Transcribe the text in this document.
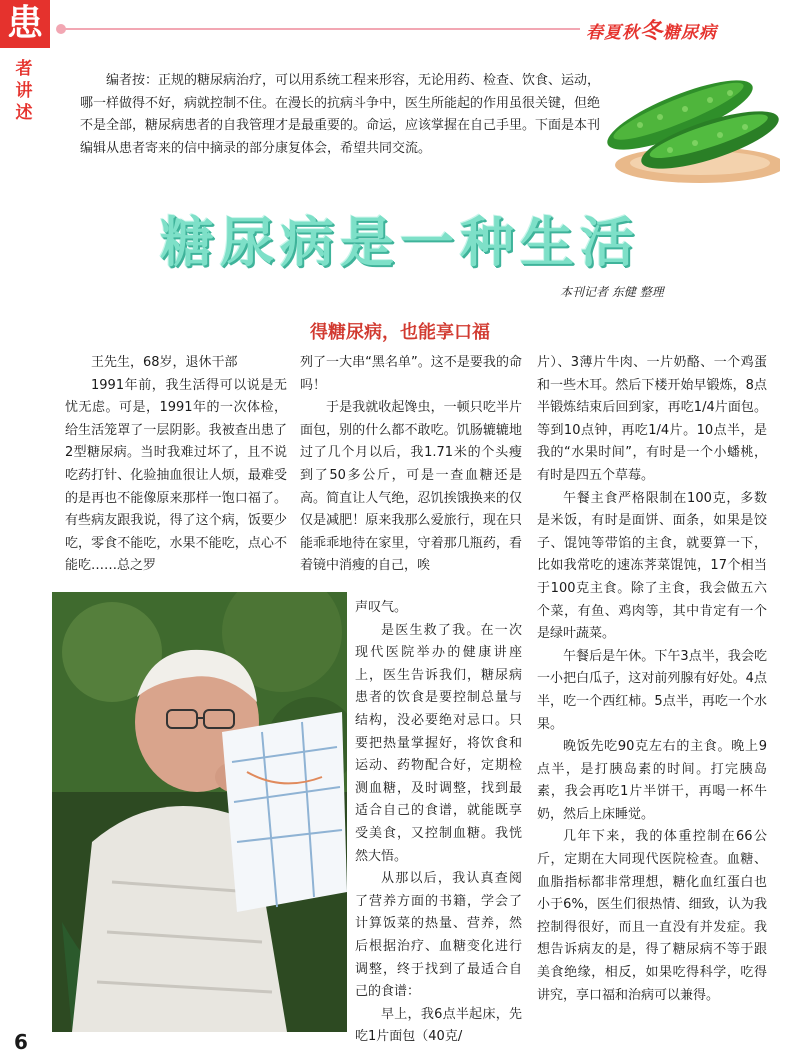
患
者讲述
春夏秋冬糖尿病
编者按：正规的糖尿病治疗，可以用系统工程来形容，无论用药、检查、饮食、运动，哪一样做得不好，病就控制不住。在漫长的抗病斗争中，医生所能起的作用虽很关键，但绝不是全部，糖尿病患者的自我管理才是最重要的。命运，应该掌握在自己手里。下面是本刊编辑从患者寄来的信中摘录的部分康复体会，希望共同交流。
糖尿病是一种生活
本刊记者 东健 整理
得糖尿病，也能享口福

王先生，68岁，退休干部

1991年前，我生活得可以说是无忧无虑。可是，1991年的一次体检，给生活笼罩了一层阴影。我被查出患了2型糖尿病。当时我难过坏了，且不说吃药打针、化验抽血很让人烦，最难受的是再也不能像原来那样一饱口福了。有些病友跟我说，得了这个病，饭要少吃，零食不能吃，水果不能吃，点心不能吃……总之罗

列了一大串“黑名单”。这不是要我的命吗！

于是我就收起馋虫，一顿只吃半片面包，别的什么都不敢吃。饥肠辘辘地过了几个月以后，我1.71米的个头瘦到了50多公斤，可是一查血糖还是高。简直让人气绝，忍饥挨饿换来的仅仅是减肥！原来我那么爱旅行，现在只能乖乖地待在家里，守着那几瓶药，看着镜中消瘦的自己，唉

声叹气。

是医生救了我。在一次现代医院举办的健康讲座上，医生告诉我们，糖尿病患者的饮食是要控制总量与结构，没必要绝对忌口。只要把热量掌握好，将饮食和运动、药物配合好，定期检测血糖，及时调整，找到最适合自己的食谱，就能既享受美食，又控制血糖。我恍然大悟。

从那以后，我认真查阅了营养方面的书籍，学会了计算饭菜的热量、营养，然后根据治疗、血糖变化进行调整，终于找到了最适合自己的食谱：

早上，我6点半起床，先吃1片面包（40克/

片）、3薄片牛肉、一片奶酪、一个鸡蛋和一些木耳。然后下楼开始早锻炼，8点半锻炼结束后回到家，再吃1/4片面包。等到10点钟，再吃1/4片。10点半，是我的“水果时间”，有时是一个小蟠桃，有时是四五个草莓。

午餐主食严格限制在100克，多数是米饭，有时是面饼、面条，如果是饺子、馄饨等带馅的主食，就要算一下，比如我常吃的速冻荠菜馄饨，17个相当于100克主食。除了主食，我会做五六个菜，有鱼、鸡肉等，其中肯定有一个是绿叶蔬菜。

午餐后是午休。下午3点半，我会吃一小把白瓜子，这对前列腺有好处。4点半，吃一个西红柿。5点半，再吃一个水果。

晚饭先吃90克左右的主食。晚上9点半，是打胰岛素的时间。打完胰岛素，我会再吃1片半饼干，再喝一杯牛奶，然后上床睡觉。

几年下来，我的体重控制在66公斤，定期在大同现代医院检查。血糖、血脂指标都非常理想，糖化血红蛋白也小于6%，医生们很热情、细致，认为我控制得很好，而且一直没有并发症。我想告诉病友的是，得了糖尿病不等于跟美食绝缘，相反，如果吃得科学，吃得讲究，享口福和治病可以兼得。

6
